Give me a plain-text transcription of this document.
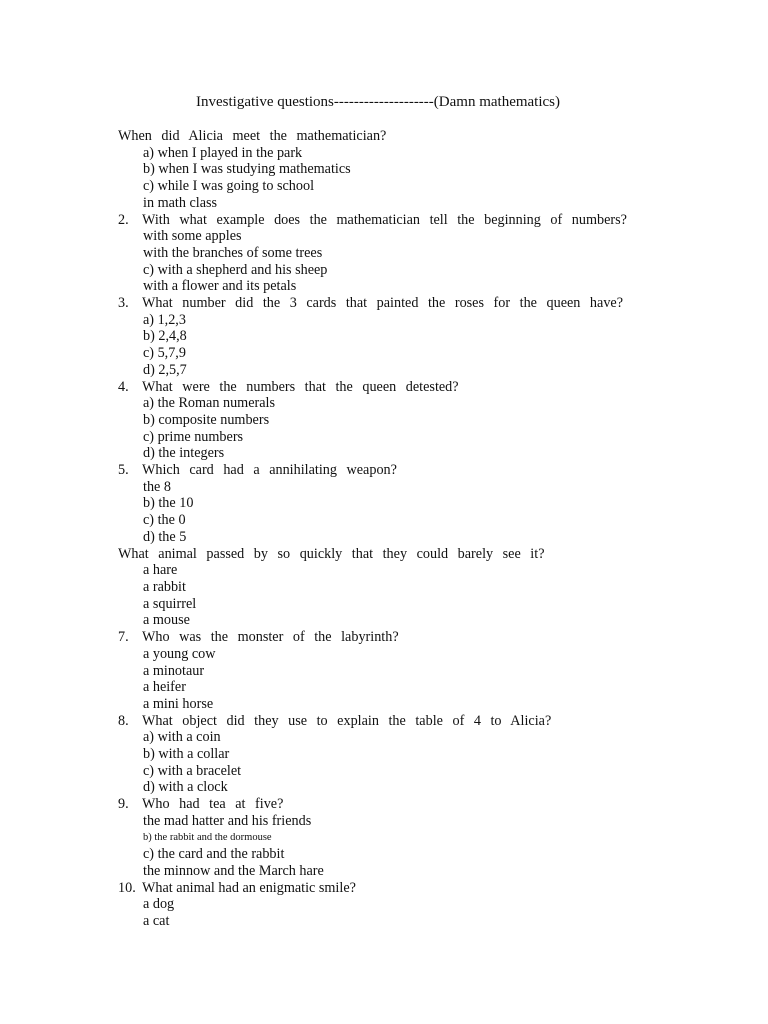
Investigative questions--------------------(Damn mathematics)
When did Alicia meet the mathematician?
a) when I played in the park
b) when I was studying mathematics
c) while I was going to school
in math class
2. With what example does the mathematician tell the beginning of numbers?
with some apples
with the branches of some trees
c) with a shepherd and his sheep
with a flower and its petals
3. What number did the 3 cards that painted the roses for the queen have?
a) 1,2,3
b) 2,4,8
c) 5,7,9
d) 2,5,7
4. What were the numbers that the queen detested?
a) the Roman numerals
b) composite numbers
c) prime numbers
d) the integers
5. Which card had a annihilating weapon?
the 8
b) the 10
c) the 0
d) the 5
What animal passed by so quickly that they could barely see it?
a hare
a rabbit
a squirrel
a mouse
7. Who was the monster of the labyrinth?
a young cow
a minotaur
a heifer
a mini horse
8. What object did they use to explain the table of 4 to Alicia?
a) with a coin
b) with a collar
c) with a bracelet
d) with a clock
9. Who had tea at five?
the mad hatter and his friends
b) the rabbit and the dormouse
c) the card and the rabbit
the minnow and the March hare
10. What animal had an enigmatic smile?
a dog
a cat
